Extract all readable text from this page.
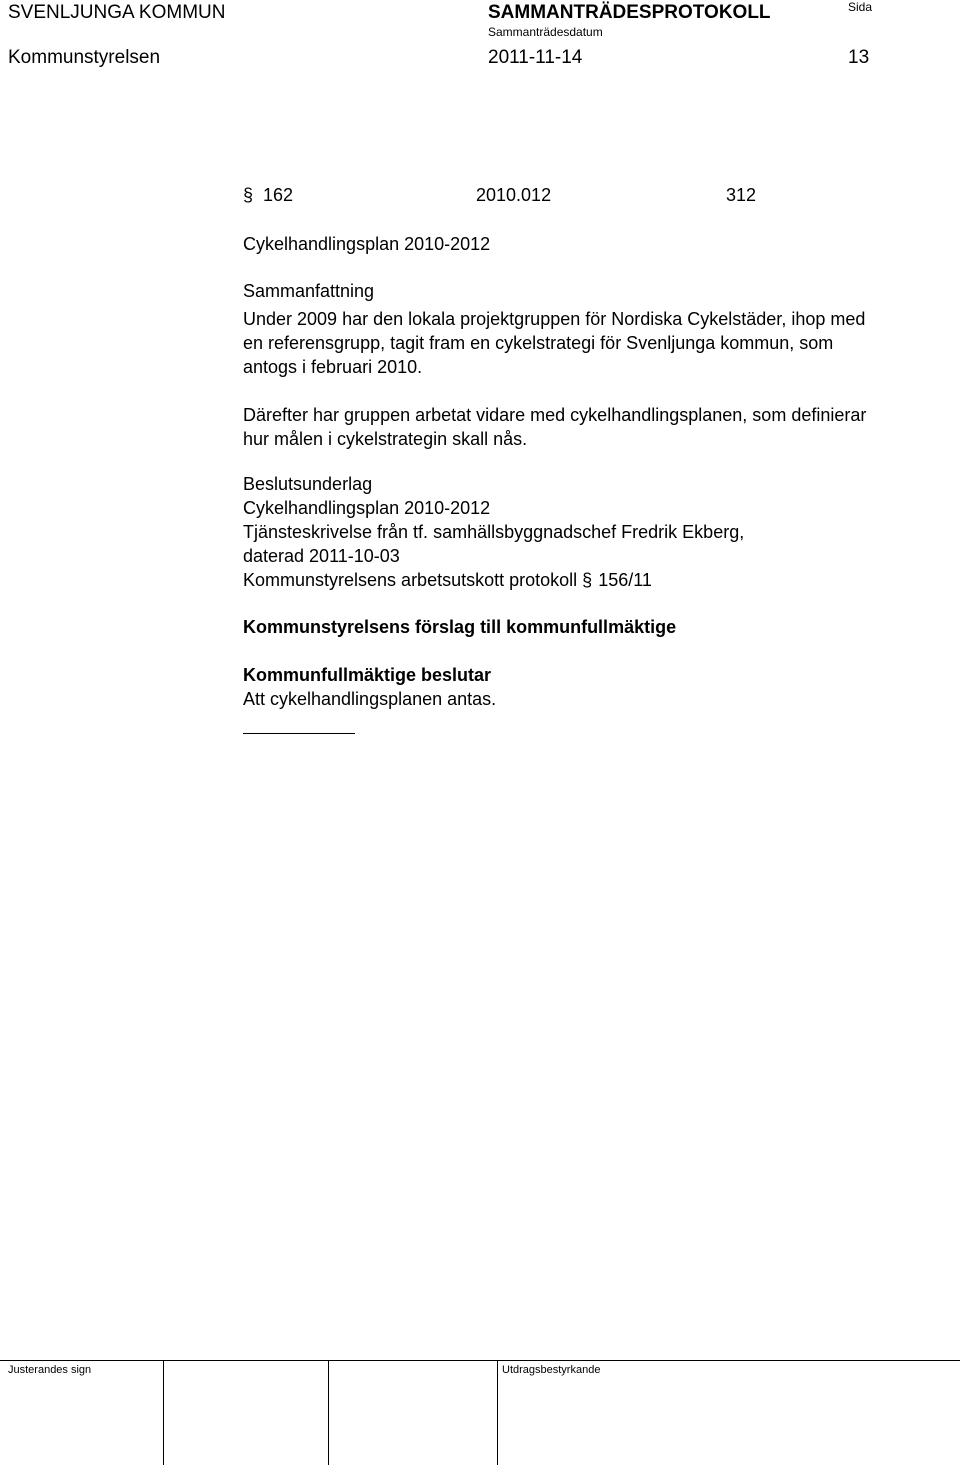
SVENLJUNGA KOMMUN	SAMMANTRÄDESPROTOKOLL	Sida
Sammanträdesdatum
Kommunstyrelsen	2011-11-14	13
§ 162	2010.012	312
Cykelhandlingsplan 2010-2012
Sammanfattning
Under 2009 har den lokala projektgruppen för Nordiska Cykelstäder, ihop med
en referensgrupp, tagit fram en cykelstrategi för Svenljunga kommun, som
antogs i februari 2010.
Därefter har gruppen arbetat vidare med cykelhandlingsplanen, som definierar
hur målen i cykelstrategin skall nås.
Beslutsunderlag
Cykelhandlingsplan 2010-2012
Tjänsteskrivelse från tf. samhällsbyggnadschef Fredrik Ekberg,
daterad 2011-10-03
Kommunstyrelsens arbetsutskott protokoll § 156/11
Kommunstyrelsens förslag till kommunfullmäktige
Kommunfullmäktige beslutar
Att cykelhandlingsplanen antas.
Justerandes sign	Utdragsbestyrkande
